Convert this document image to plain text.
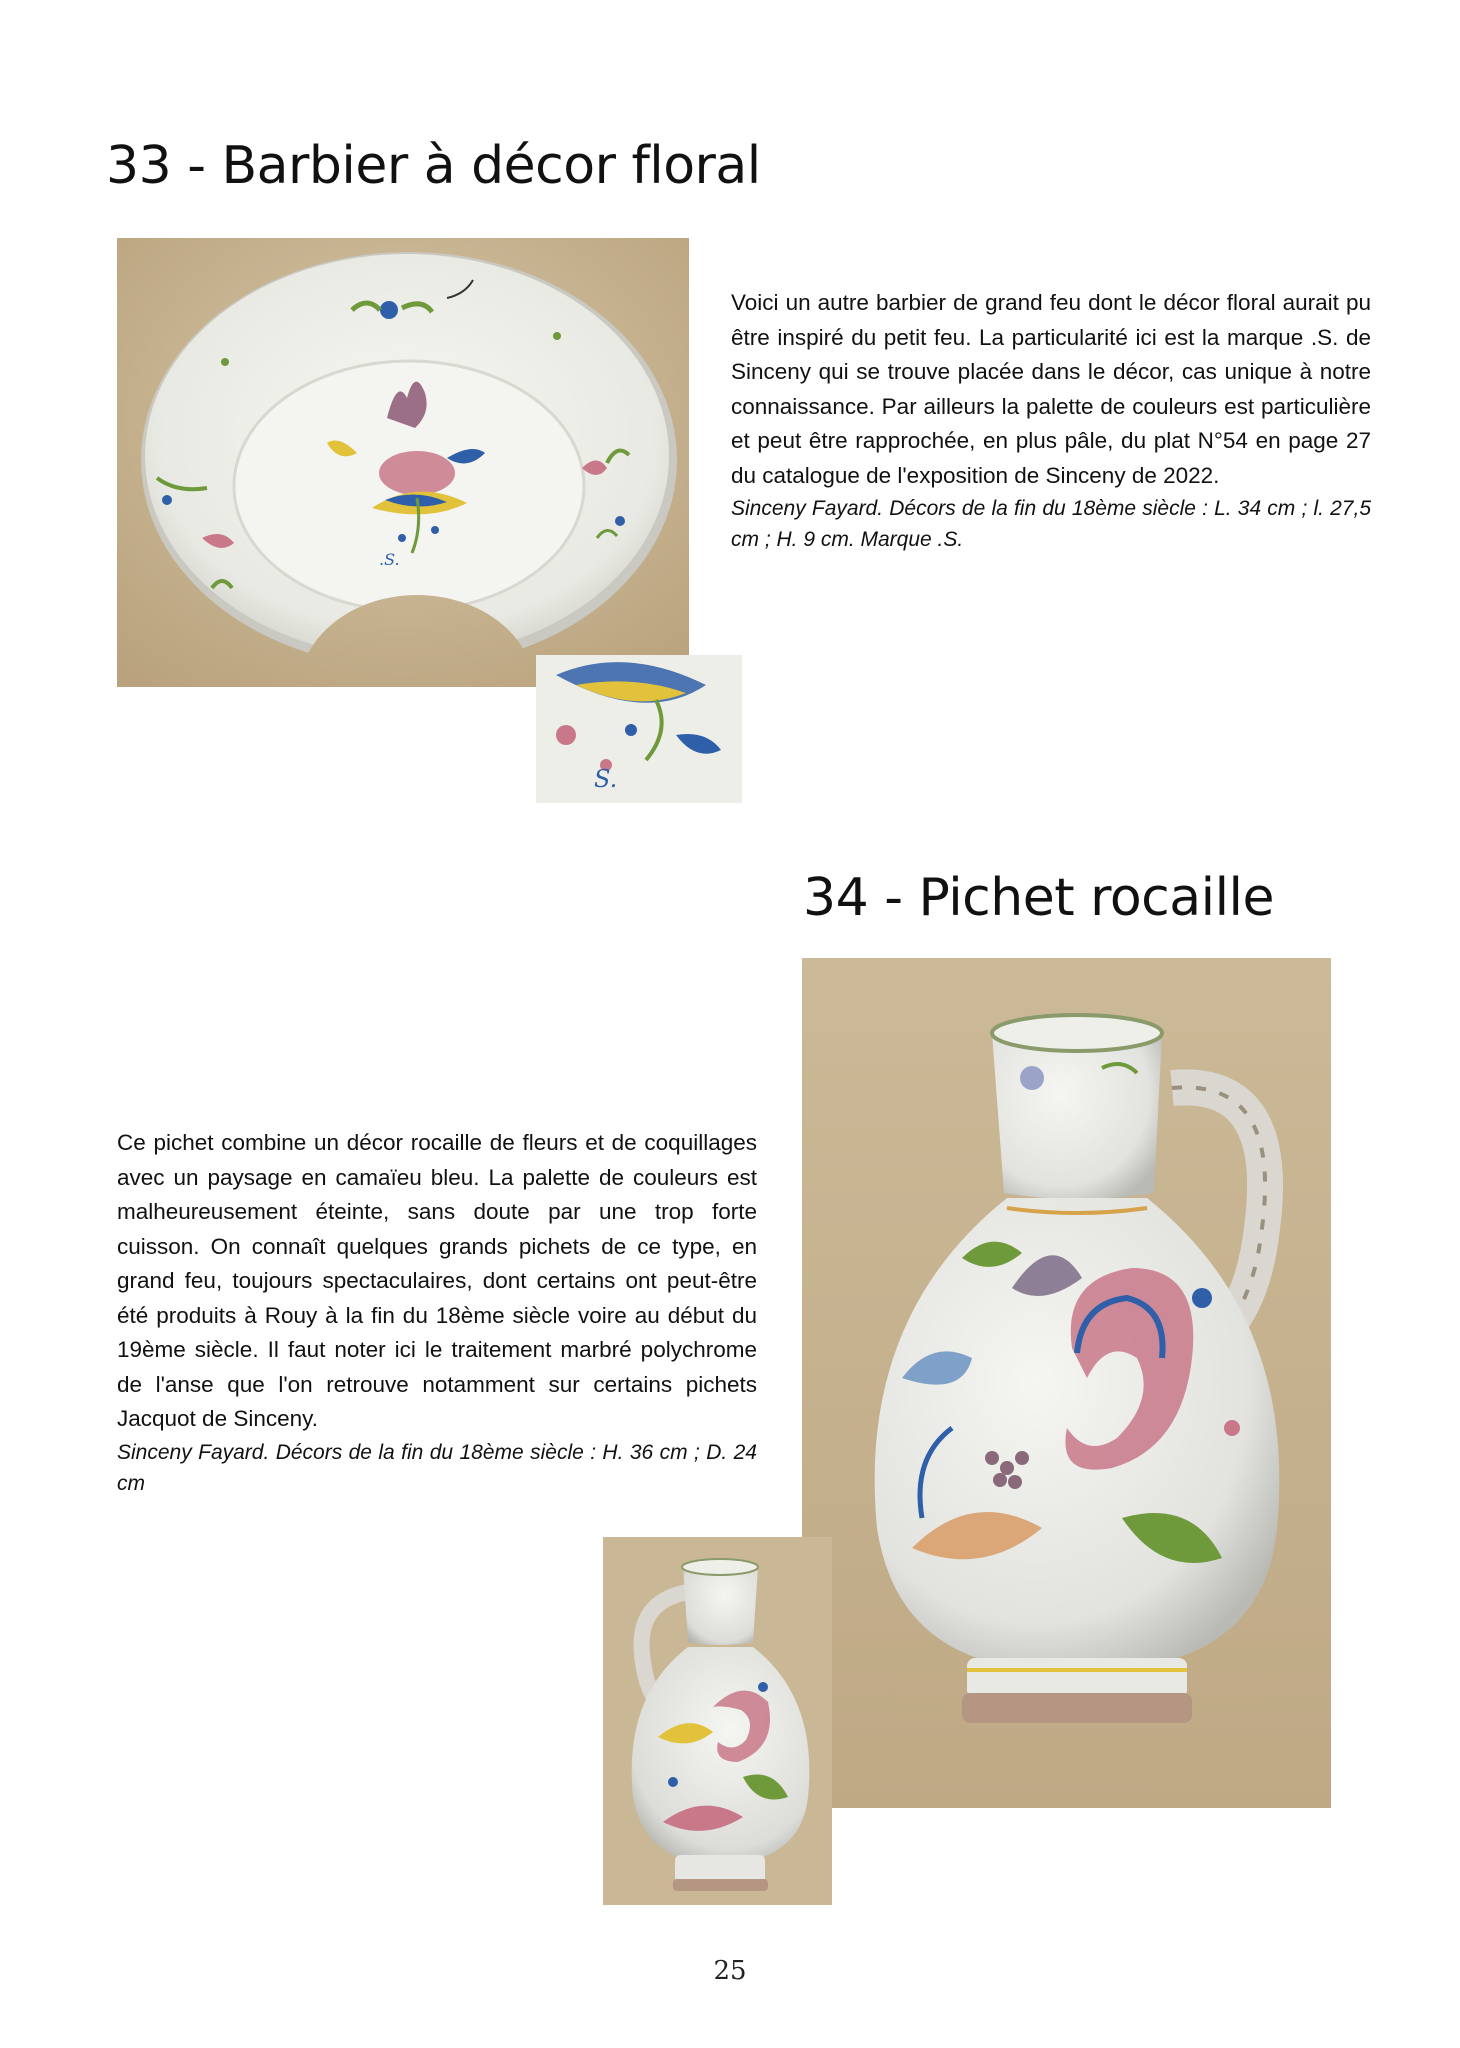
33 - Barbier à décor floral
.S.
S.

Voici un autre barbier de grand feu dont le décor floral aurait pu être inspiré du petit feu. La particularité ici est la marque .S. de Sinceny qui se trouve placée dans le décor, cas unique à notre connaissance. Par ailleurs la palette de couleurs est particulière et peut être rapprochée, en plus pâle, du plat N°54 en page 27 du catalogue de l'exposition de Sinceny de 2022.

Sinceny Fayard. Décors de la fin du 18ème siècle : L. 34 cm ; l. 27,5 cm ; H. 9 cm. Marque .S.

34 - Pichet rocaille

Ce pichet combine un décor rocaille de fleurs et de coquillages avec un paysage en camaïeu bleu. La palette de couleurs est malheureusement éteinte, sans doute par une trop forte cuisson. On connaît quelques grands pichets de ce type, en grand feu, toujours spectaculaires, dont certains ont peut-être été produits à Rouy à la fin du 18ème siècle voire au début du 19ème siècle. Il faut noter ici le traitement marbré polychrome de l'anse que l'on retrouve notamment sur certains pichets Jacquot de Sinceny.

Sinceny Fayard. Décors de la fin du 18ème siècle : H. 36 cm ; D. 24 cm

25
